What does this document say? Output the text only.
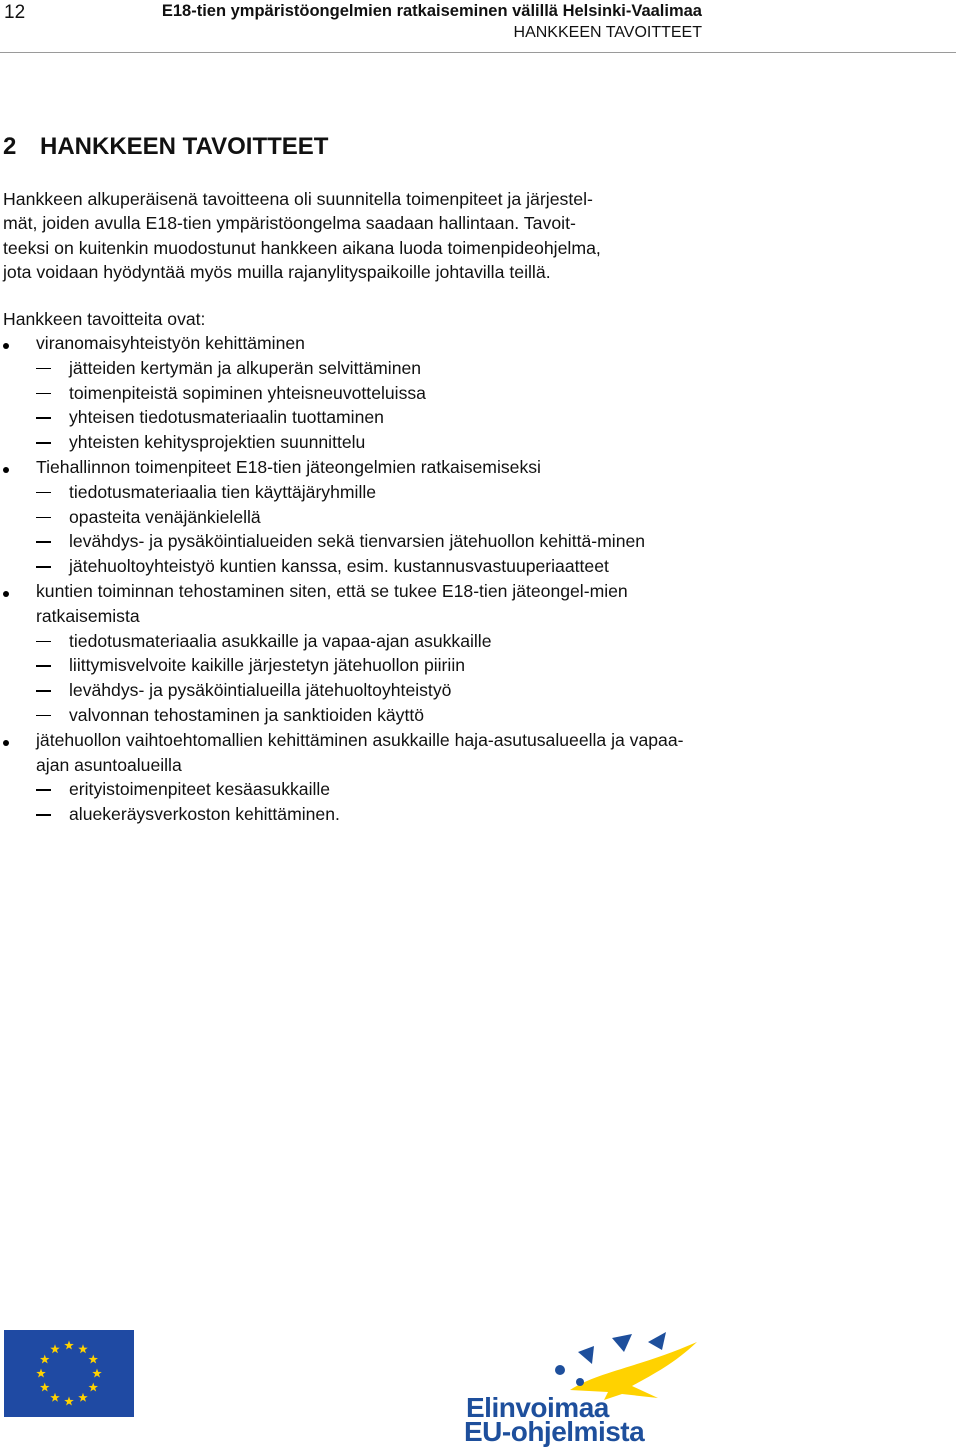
12	E18-tien ympäristöongelmien ratkaiseminen välillä Helsinki-Vaalimaa
HANKKEEN TAVOITTEET
2 HANKKEEN TAVOITTEET

Hankkeen alkuperäisenä tavoitteena oli suunnitella toimenpiteet ja järjestel-
mät, joiden avulla E18-tien ympäristöongelma saadaan hallintaan. Tavoit-
teeksi on kuitenkin muodostunut hankkeen aikana luoda toimenpideohjelma,
jota voidaan hyödyntää myös muilla rajanylityspaikoille johtavilla teillä.

Hankkeen tavoitteita ovat:

viranomaisyhteistyön kehittäminen
jätteiden kertymän ja alkuperän selvittäminen
toimenpiteistä sopiminen yhteisneuvotteluissa
yhteisen tiedotusmateriaalin tuottaminen
yhteisten kehitysprojektien suunnittelu
Tiehallinnon toimenpiteet E18-tien jäteongelmien ratkaisemiseksi
tiedotusmateriaalia tien käyttäjäryhmille
opasteita venäjänkielellä
levähdys- ja pysäköintialueiden sekä tienvarsien jätehuollon kehittä-minen
jätehuoltoyhteistyö kuntien kanssa, esim. kustannusvastuuperiaatteet
kuntien toiminnan tehostaminen siten, että se tukee E18-tien jäteongel-mien ratkaisemista
tiedotusmateriaalia asukkaille ja vapaa-ajan asukkaille
liittymisvelvoite kaikille järjestetyn jätehuollon piiriin
levähdys- ja pysäköintialueilla jätehuoltoyhteistyö
valvonnan tehostaminen ja sanktioiden käyttö
jätehuollon vaihtoehtomallien kehittäminen asukkaille haja-asutusalueella ja vapaa-ajan asuntoalueilla
erityistoimenpiteet kesäasukkaille
aluekeräysverkoston kehittäminen.
Elinvoimaa
EU-ohjelmista
